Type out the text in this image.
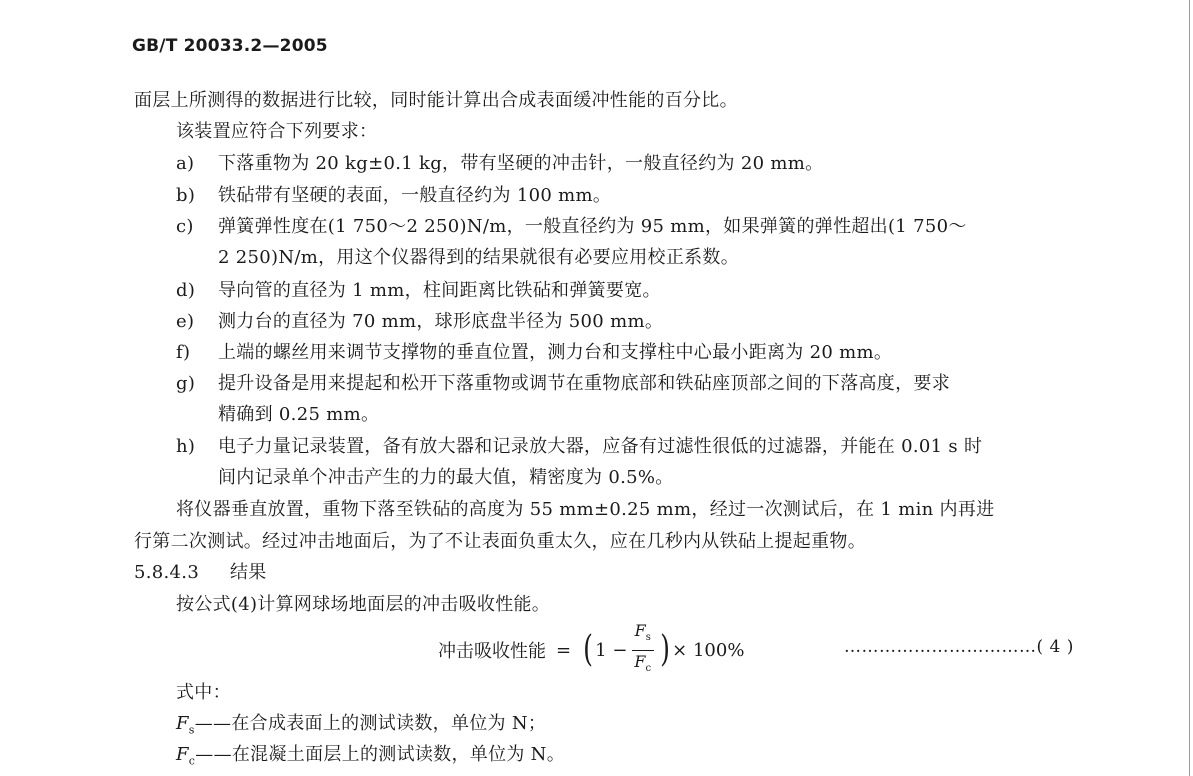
GB/T 20033.2—2005
面层上所测得的数据进行比较，同时能计算出合成表面缓冲性能的百分比。
该装置应符合下列要求：
a) 下落重物为 20 kg±0.1 kg，带有坚硬的冲击针，一般直径约为 20 mm。
b) 铁砧带有坚硬的表面，一般直径约为 100 mm。
c) 弹簧弹性度在(1 750～2 250)N/m，一般直径约为 95 mm，如果弹簧的弹性超出(1 750～
2 250)N/m，用这个仪器得到的结果就很有必要应用校正系数。
d) 导向管的直径为 1 mm，柱间距离比铁砧和弹簧要宽。
e) 测力台的直径为 70 mm，球形底盘半径为 500 mm。
f) 上端的螺丝用来调节支撑物的垂直位置，测力台和支撑柱中心最小距离为 20 mm。
g) 提升设备是用来提起和松开下落重物或调节在重物底部和铁砧座顶部之间的下落高度，要求
精确到 0.25 mm。
h) 电子力量记录装置，备有放大器和记录放大器，应备有过滤性很低的过滤器，并能在 0.01 s 时
间内记录单个冲击产生的力的最大值，精密度为 0.5%。
将仪器垂直放置，重物下落至铁砧的高度为 55 mm±0.25 mm，经过一次测试后，在 1 min 内再进
行第二次测试。经过冲击地面后，为了不让表面负重太久，应在几秒内从铁砧上提起重物。
5.8.4.3 结果
按公式(4)计算网球场地面层的冲击吸收性能。
冲击吸收性能 = ( $1 - \frac{F_s}{F_c}$ ) × 100%	……………………………( 4 )
式中：
$F_s——$在合成表面上的测试读数，单位为 N；
$F_c——$在混凝土面层上的测试读数，单位为 N。
